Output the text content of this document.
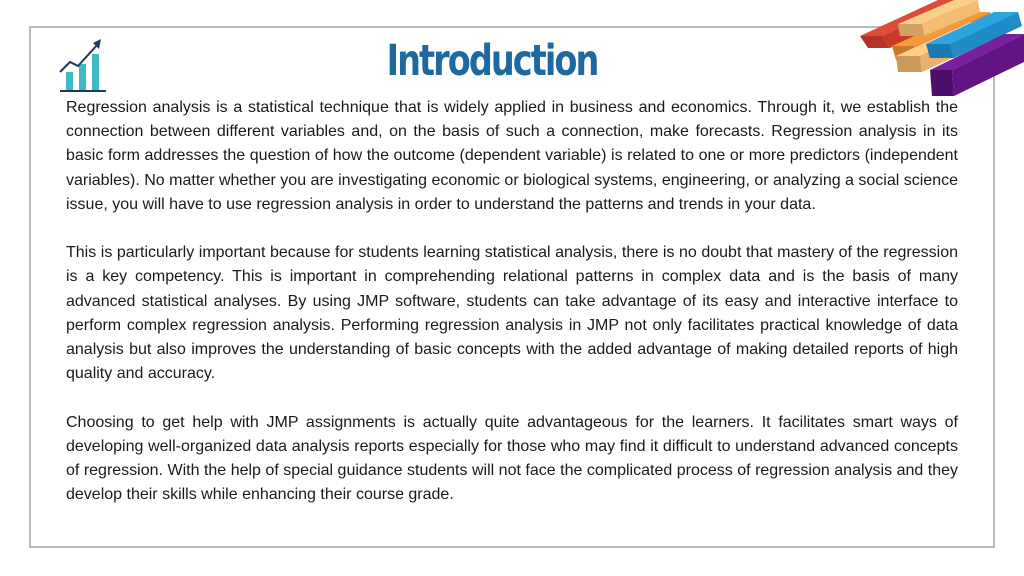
Introduction

Regression analysis is a statistical technique that is widely applied in business and economics. Through it, we establish the connection between different variables and, on the basis of such a connection, make forecasts. Regression analysis in its basic form addresses the question of how the outcome (dependent variable) is related to one or more predictors (independent variables). No matter whether you are investigating economic or biological systems, engineering, or analyzing a social science issue, you will have to use regression analysis in order to understand the patterns and trends in your data.

This is particularly important because for students learning statistical analysis, there is no doubt that mastery of the regression is a key competency. This is important in comprehending relational patterns in complex data and is the basis of many advanced statistical analyses. By using JMP software, students can take advantage of its easy and interactive interface to perform complex regression analysis. Performing regression analysis in JMP not only facilitates practical knowledge of data analysis but also improves the understanding of basic concepts with the added advantage of making detailed reports of high quality and accuracy.

Choosing to get help with JMP assignments is actually quite advantageous for the learners. It facilitates smart ways of developing well-organized data analysis reports especially for those who may find it difficult to understand advanced concepts of regression. With the help of special guidance students will not face the complicated process of regression analysis and they develop their skills while enhancing their course grade.
